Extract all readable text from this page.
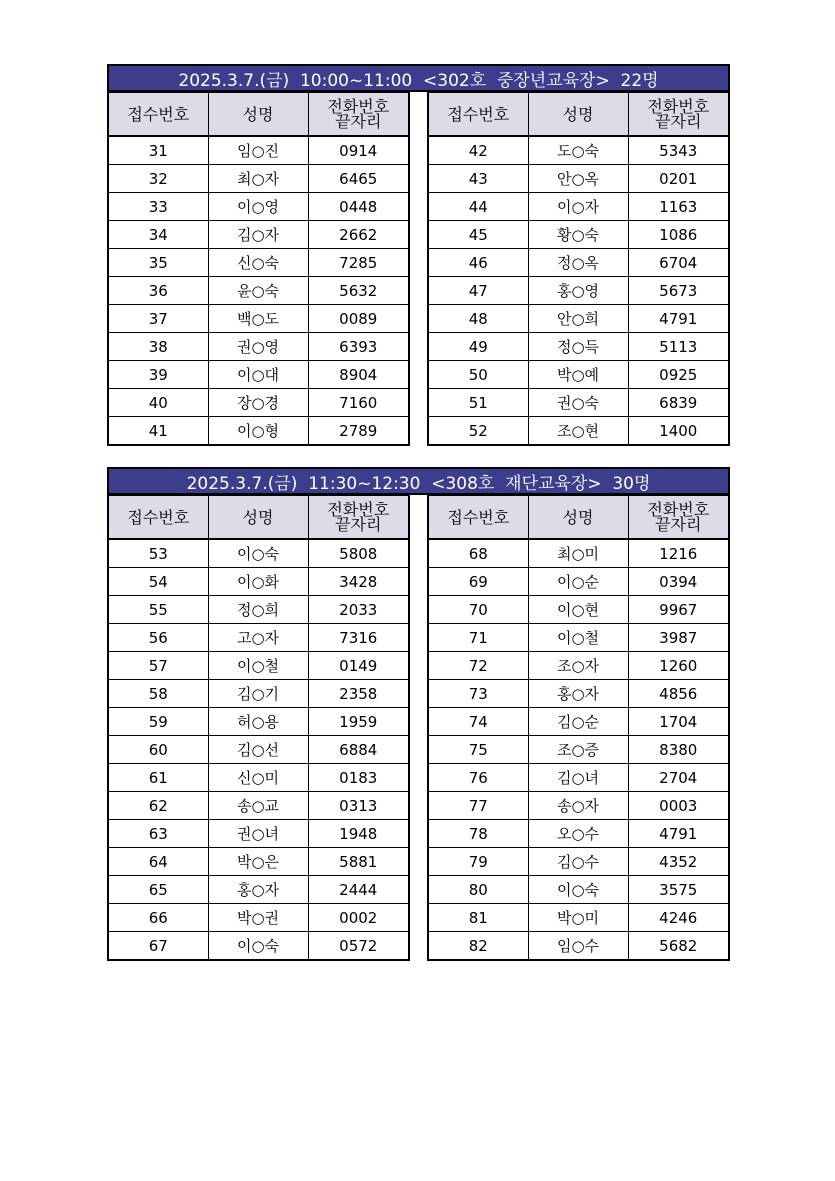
2025.3.7.(금)  10:00~11:00  <302호  중장년교육장>  22명
접수번호	성명	전화번호
끝자리

31	임○진	0914
32	최○자	6465
33	이○영	0448
34	김○자	2662
35	신○숙	7285
36	윤○숙	5632
37	백○도	0089
38	권○영	6393
39	이○대	8904
40	장○경	7160
41	이○형	2789
접수번호	성명	전화번호
끝자리

42	도○숙	5343
43	안○옥	0201
44	이○자	1163
45	황○숙	1086
46	정○옥	6704
47	홍○영	5673
48	안○희	4791
49	정○득	5113
50	박○예	0925
51	권○숙	6839
52	조○현	1400
2025.3.7.(금)  11:30~12:30  <308호  재단교육장>  30명
접수번호	성명	전화번호
끝자리

53	이○숙	5808
54	이○화	3428
55	정○희	2033
56	고○자	7316
57	이○철	0149
58	김○기	2358
59	허○용	1959
60	김○선	6884
61	신○미	0183
62	송○교	0313
63	권○녀	1948
64	박○은	5881
65	홍○자	2444
66	박○권	0002
67	이○숙	0572
접수번호	성명	전화번호
끝자리

68	최○미	1216
69	이○순	0394
70	이○현	9967
71	이○철	3987
72	조○자	1260
73	홍○자	4856
74	김○순	1704
75	조○증	8380
76	김○녀	2704
77	송○자	0003
78	오○수	4791
79	김○수	4352
80	이○숙	3575
81	박○미	4246
82	임○수	5682
